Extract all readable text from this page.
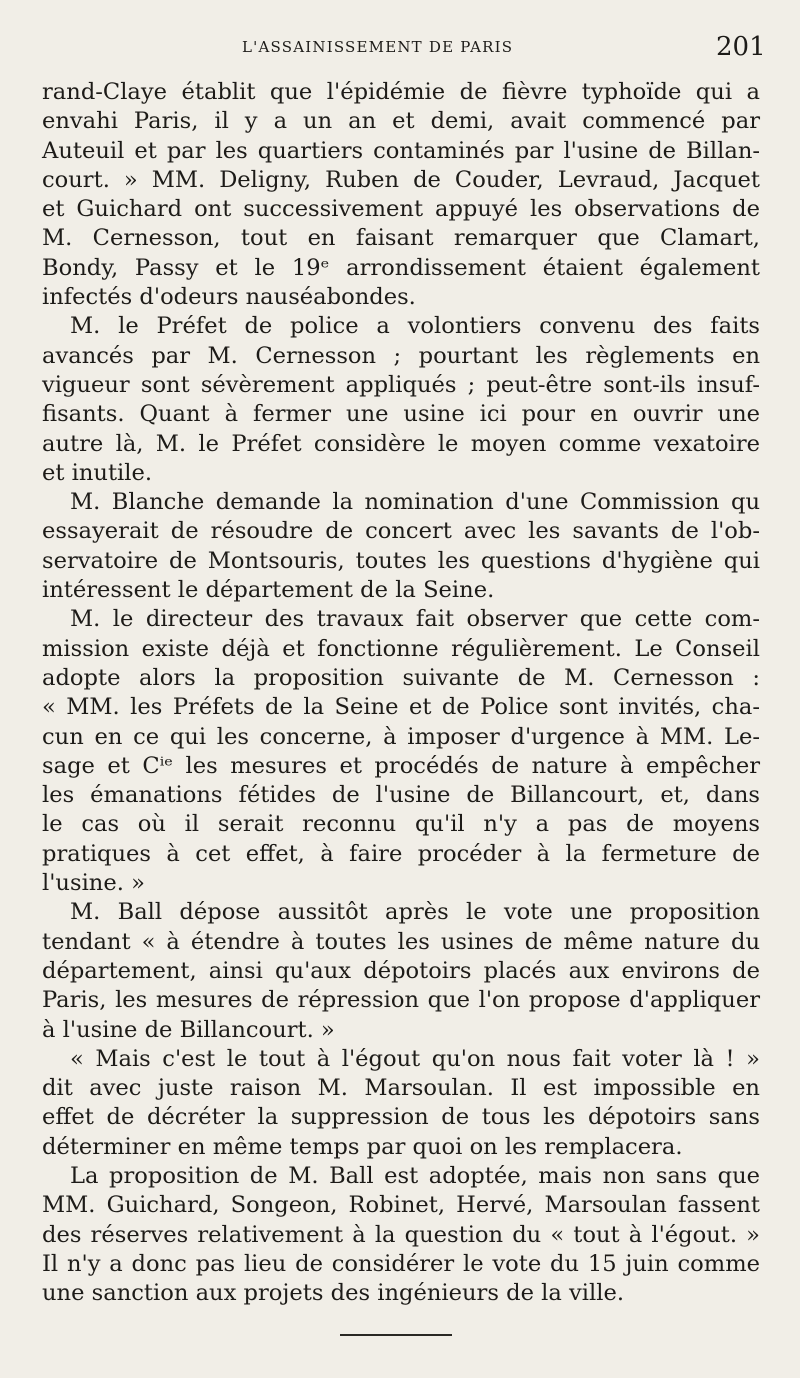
L'ASSAINISSEMENT DE PARIS	201
rand-Claye établit que l'épidémie de fièvre typhoïde qui a
envahi Paris, il y a un an et demi, avait commencé par
Auteuil et par les quartiers contaminés par l'usine de Billan-
court. » MM. Deligny, Ruben de Couder, Levraud, Jacquet
et Guichard ont successivement appuyé les observations de
M. Cernesson, tout en faisant remarquer que Clamart,
Bondy, Passy et le 19ᵉ arrondissement étaient également
infectés d'odeurs nauséabondes.
M. le Préfet de police a volontiers convenu des faits
avancés par M. Cernesson ; pourtant les règlements en
vigueur sont sévèrement appliqués ; peut-être sont-ils insuf-
fisants. Quant à fermer une usine ici pour en ouvrir une
autre là, M. le Préfet considère le moyen comme vexatoire
et inutile.
M. Blanche demande la nomination d'une Commission qu
essayerait de résoudre de concert avec les savants de l'ob-
servatoire de Montsouris, toutes les questions d'hygiène qui
intéressent le département de la Seine.
M. le directeur des travaux fait observer que cette com-
mission existe déjà et fonctionne régulièrement. Le Conseil
adopte alors la proposition suivante de M. Cernesson :
« MM. les Préfets de la Seine et de Police sont invités, cha-
cun en ce qui les concerne, à imposer d'urgence à MM. Le-
sage et Cⁱᵉ les mesures et procédés de nature à empêcher
les émanations fétides de l'usine de Billancourt, et, dans
le cas où il serait reconnu qu'il n'y a pas de moyens
pratiques à cet effet, à faire procéder à la fermeture de
l'usine. »
M. Ball dépose aussitôt après le vote une proposition
tendant « à étendre à toutes les usines de même nature du
département, ainsi qu'aux dépotoirs placés aux environs de
Paris, les mesures de répression que l'on propose d'appliquer
à l'usine de Billancourt. »
« Mais c'est le tout à l'égout qu'on nous fait voter là ! »
dit avec juste raison M. Marsoulan. Il est impossible en
effet de décréter la suppression de tous les dépotoirs sans
déterminer en même temps par quoi on les remplacera.
La proposition de M. Ball est adoptée, mais non sans que
MM. Guichard, Songeon, Robinet, Hervé, Marsoulan fassent
des réserves relativement à la question du « tout à l'égout. »
Il n'y a donc pas lieu de considérer le vote du 15 juin comme
une sanction aux projets des ingénieurs de la ville.
